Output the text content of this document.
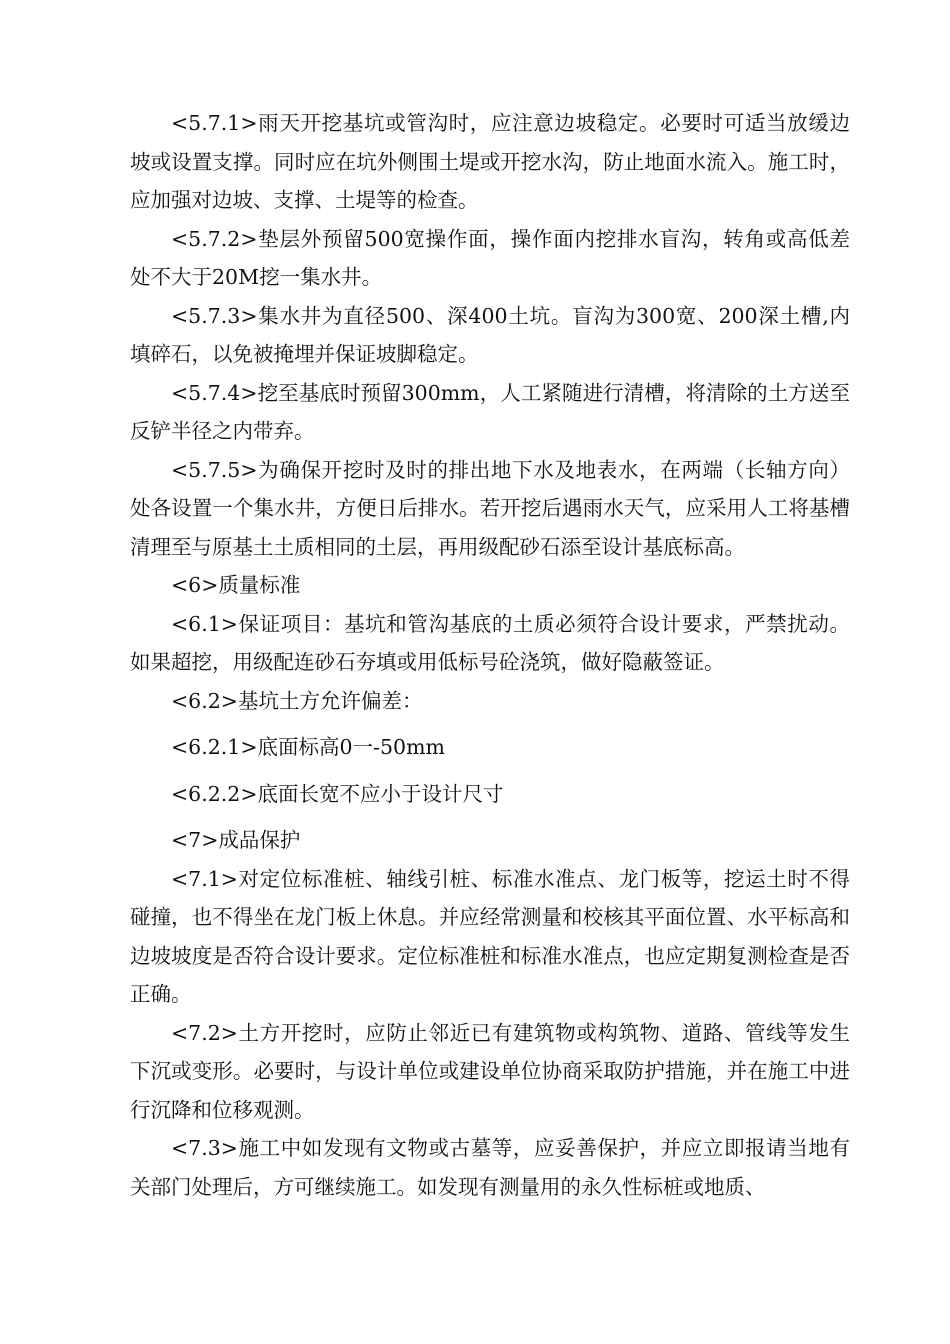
<5.7.1>雨天开挖基坑或管沟时，应注意边坡稳定。必要时可适当放缓边坡或设置支撑。同时应在坑外侧围土堤或开挖水沟，防止地面水流入。施工时，应加强对边坡、支撑、土堤等的检查。

<5.7.2>垫层外预留500宽操作面，操作面内挖排水盲沟，转角或高低差处不大于20M挖一集水井。

<5.7.3>集水井为直径500、深400土坑。盲沟为300宽、200深土槽,内填碎石，以免被掩埋并保证坡脚稳定。

<5.7.4>挖至基底时预留300mm，人工紧随进行清槽，将清除的土方送至反铲半径之内带弃。

<5.7.5>为确保开挖时及时的排出地下水及地表水，在两端（长轴方向）处各设置一个集水井，方便日后排水。若开挖后遇雨水天气，应采用人工将基槽清理至与原基土土质相同的土层，再用级配砂石添至设计基底标高。

<6>质量标准

<6.1>保证项目：基坑和管沟基底的土质必须符合设计要求，严禁扰动。如果超挖，用级配连砂石夯填或用低标号砼浇筑，做好隐蔽签证。

<6.2>基坑土方允许偏差：

<6.2.1>底面标高0一-50mm

<6.2.2>底面长宽不应小于设计尺寸

<7>成品保护

<7.1>对定位标准桩、轴线引桩、标准水准点、龙门板等，挖运土时不得碰撞，也不得坐在龙门板上休息。并应经常测量和校核其平面位置、水平标高和边坡坡度是否符合设计要求。定位标准桩和标准水准点，也应定期复测检查是否正确。

<7.2>土方开挖时，应防止邻近已有建筑物或构筑物、道路、管线等发生下沉或变形。必要时，与设计单位或建设单位协商采取防护措施，并在施工中进行沉降和位移观测。

<7.3>施工中如发现有文物或古墓等，应妥善保护，并应立即报请当地有关部门处理后，方可继续施工。如发现有测量用的永久性标桩或地质、
